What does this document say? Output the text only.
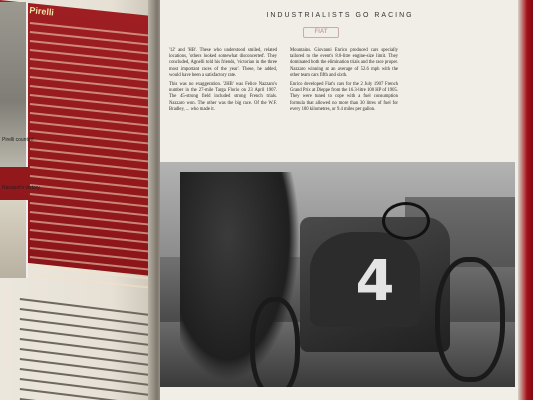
Pirelli
Pirelli counterf
Racquet's victory
INDUSTRIALISTS GO RACING
FIAT

'12' and 'HB'. These who understood smiled, related locations, 'others looked somewhat disconcerted'. They concluded, Agnelli told his friends, 'victorian in the three most important races of the year'. These, he added, would have been a satisfactory rate.

This was no exaggeration. '2HB' was Felice Nazzaro's number in the 27-mile Targa Florio on 23 April 1907. The 45-strong field included strong French trials. Nazzaro won. The other was the big race. Of the W.F. Bradley, ... who made it.

Mountains. Giovanni Enrico produced cars specially tailored to the event's 8.0-litre engine-size limit. They dominated both the elimination trials and the race proper. Nazzaro winning at an average of 52.6 mph with the other team cars fifth and sixth.

Enrico developed Fiat's cars for the 2 July 1907 French Grand Prix at Dieppe from the 16.3-litre 100 HP of 1905. They were tuned to cope with a fuel consumption formula that allowed no more than 30 litres of fuel for every 100 kilometres, or 9.4 miles per gallon.

4
